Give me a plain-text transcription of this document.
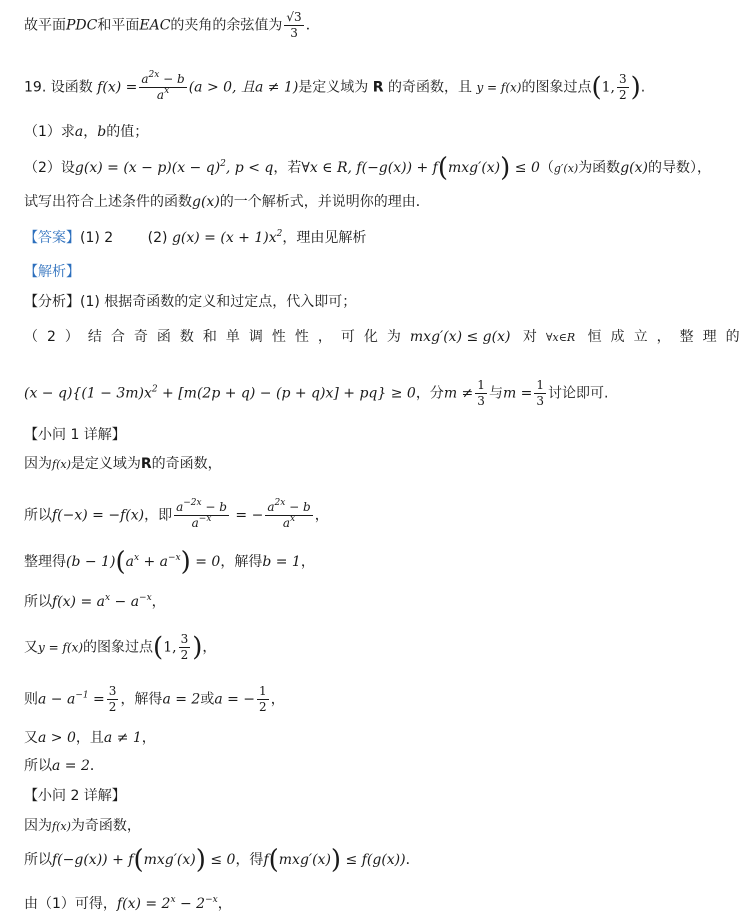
故平面PDC和平面EAC的夹角的余弦值为 $\frac{√3}{3}$ ．
19. 设函数 $f(x) = \frac{a^{2x} - b}{a^x} (a > 0$, 且a ≠ 1)是定义域为 R 的奇函数，且 y = f(x)的图象过点(1, $\frac{3}{2}$ ).
（1）求a，b的值；
（2）设$g(x) = (x - p)(x - q)^2$, p < q，若∀x ∈ R, f(−g(x)) + f(mxg′(x)) ≤ 0（g′(x)为函数g(x)的导数），
试写出符合上述条件的函数g(x)的一个解析式，并说明你的理由．
【答案】(1) 2 (2) $g(x) = (x + 1)x^2$，理由见解析
【解析】
【分析】(1) 根据奇函数的定义和过定点，代入即可；
（2）结合奇函数和单调性性，可化为mxg′(x) ≤ g(x) 对∀x∈R 恒成立，整理的
$(x - q)\{(1 - 3m)x^2 + [m(2p + q) - (p + q)x] + pq\} \ge 0$，分$m \ne \frac{1}{3}$ 与$m = \frac{1}{3}$ 讨论即可.
【小问 1 详解】
因为f(x)是定义域为R的奇函数，
所以f(−x) = −f(x)，即 $\frac{a^{-2x} - b}{a^{-x}}$ = − $\frac{a^{2x} - b}{a^x}$ ，
整理得$(b - 1)(a^x + a^{-x}) = 0$，解得b = 1，
所以$f(x) = a^x - a^{-x}$，
又y = f(x)的图象过点(1, $\frac{3}{2}$ )，
则$a - a^{-1} = \frac{3}{2}$ ，解得a = 2或a = − $\frac{1}{2}$ ，
又a > 0，且a ≠ 1，
所以a = 2．
【小问 2 详解】
因为f(x)为奇函数，
所以f(−g(x)) + f(mxg′(x)) ≤ 0，得f(mxg′(x)) ≤ f(g(x))．
由（1）可得，$f(x) = 2^x - 2^{-x}$，
